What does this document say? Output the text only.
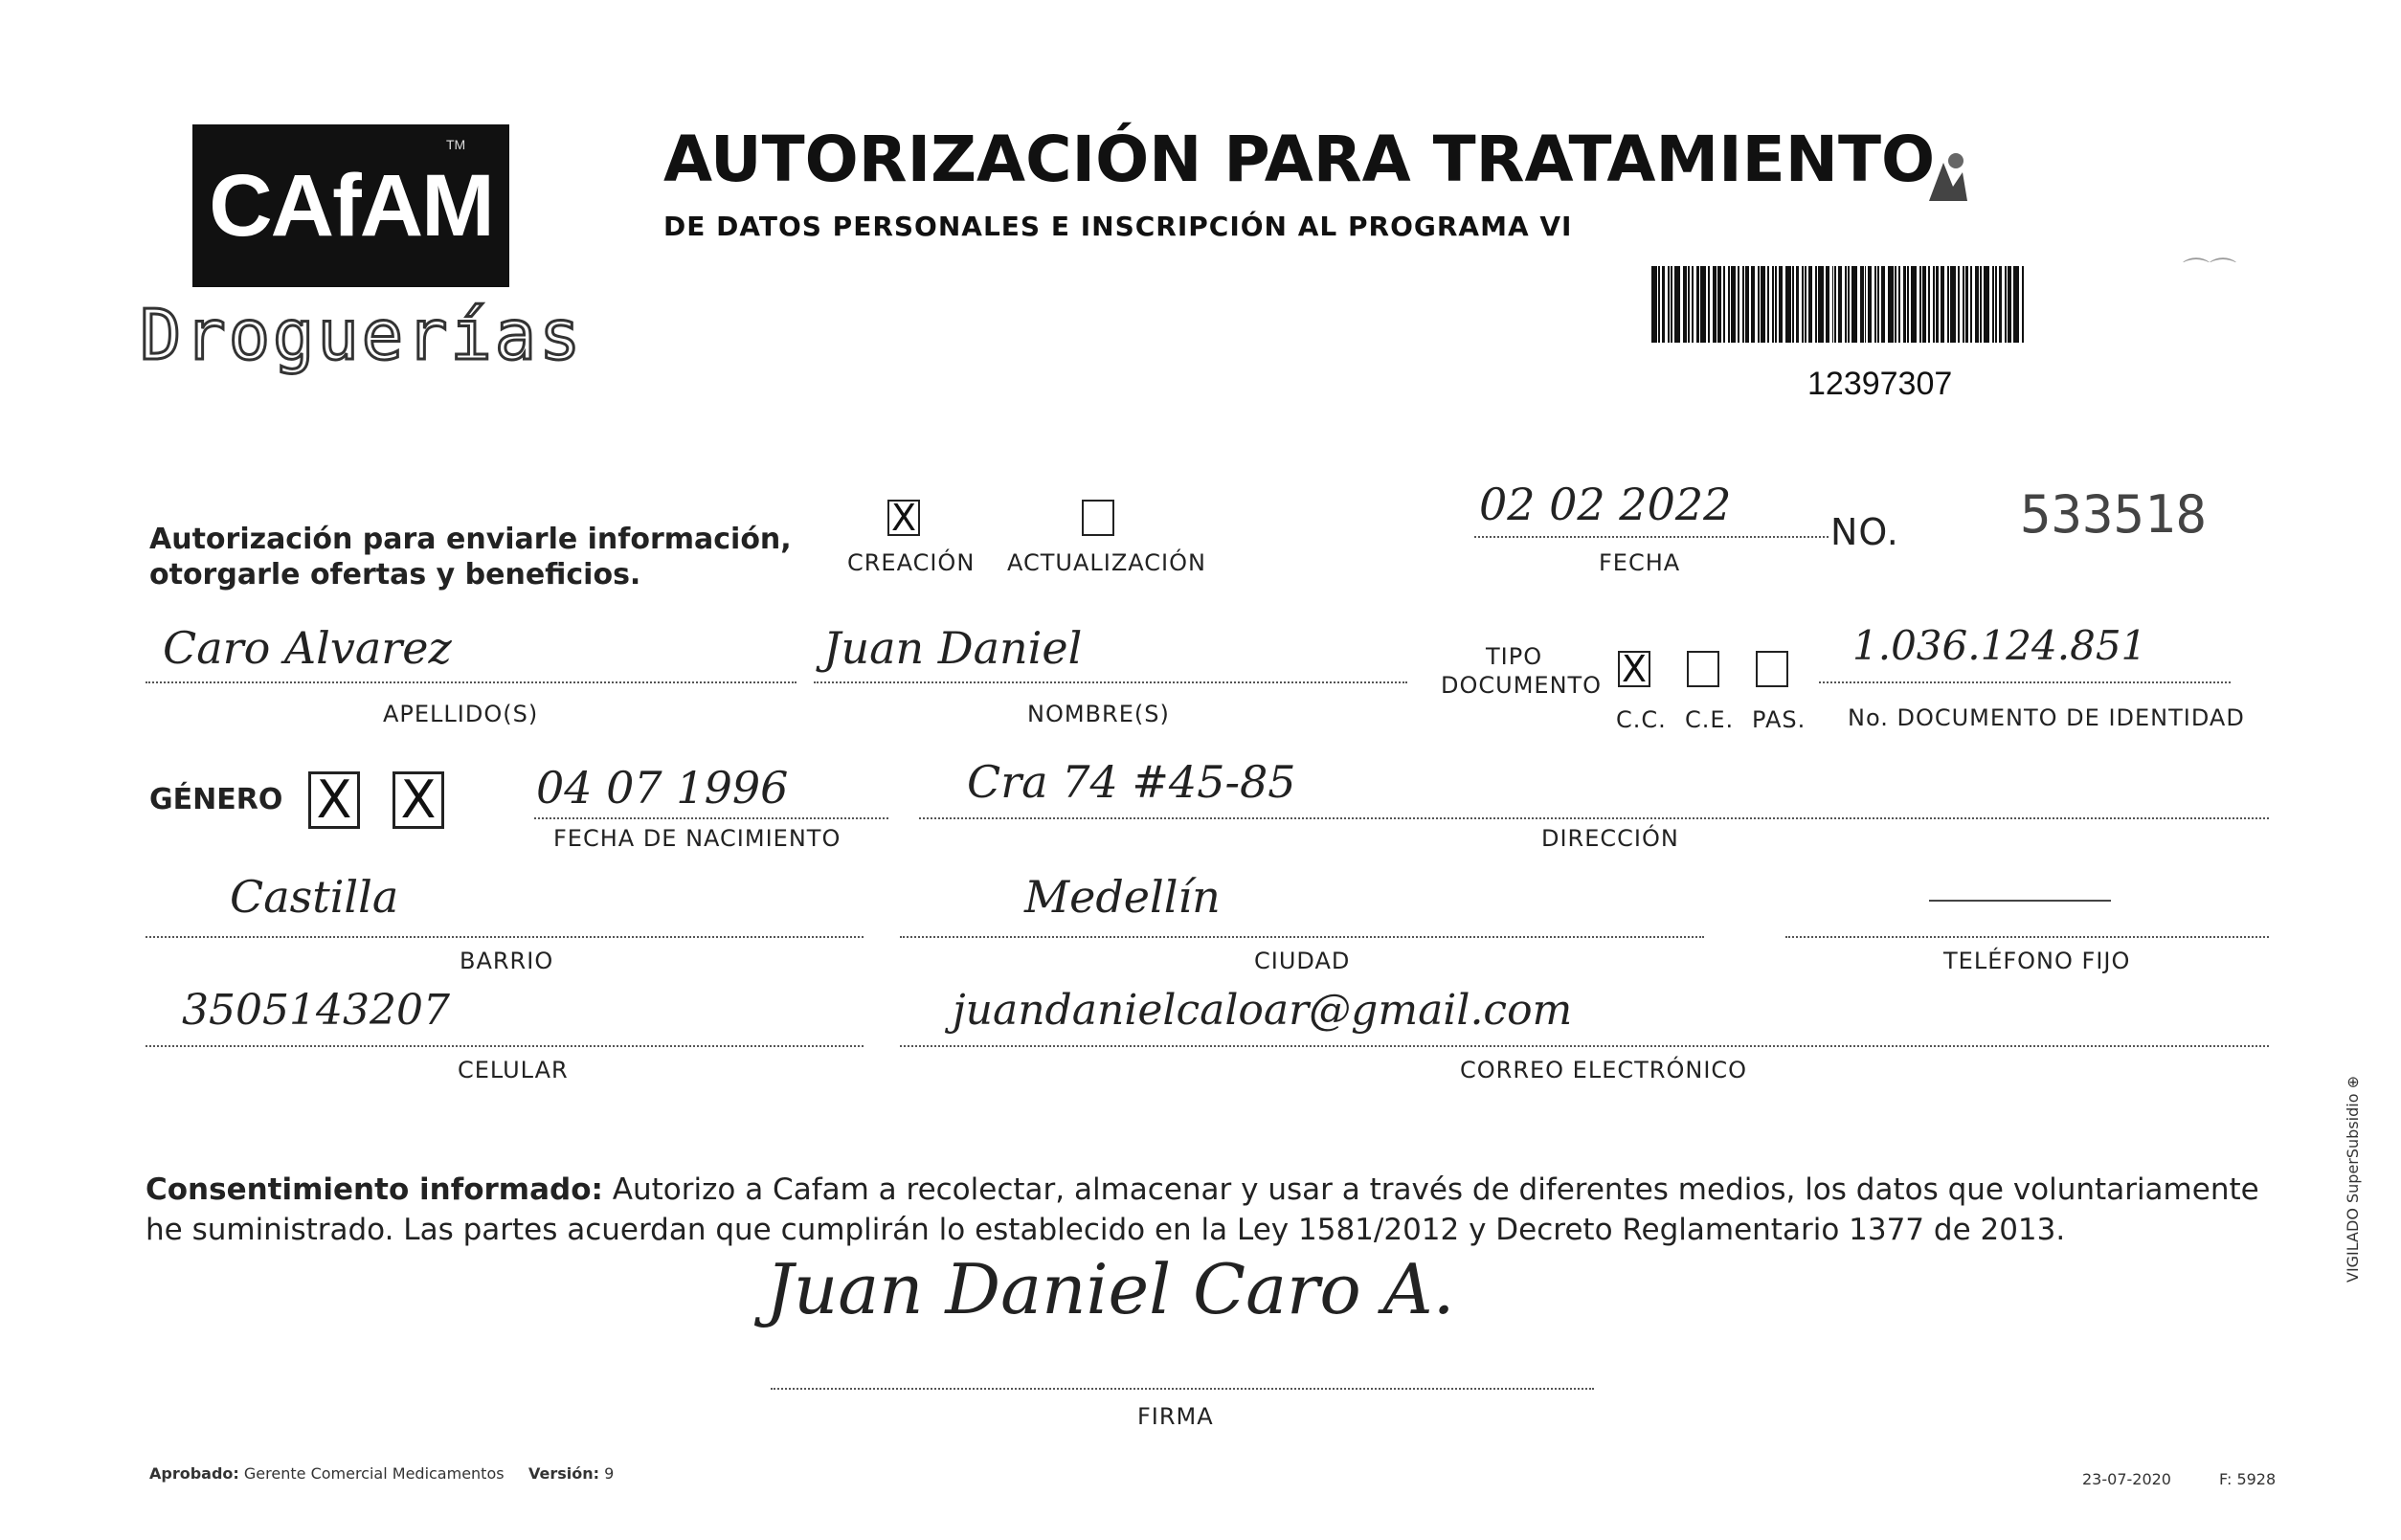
CAfAM
TM
Droguerías
AUTORIZACIÓN PARA TRATAMIENTO
DE DATOS PERSONALES E INSCRIPCIÓN AL PROGRAMA VI
⌒⌒
12397307
Autorización para enviarle información,
otorgarle ofertas y beneficios.
X
CREACIÓN ACTUALIZACIÓN
02 02 2022
FECHA
NO. 533518
Caro Alvarez
APELLIDO(S)
Juan Daniel
NOMBRE(S)
TIPO
DOCUMENTO X
C.C. C.E. PAS.
1.036.124.851
No. DOCUMENTO DE IDENTIDAD
GÉNERO X X 04 07 1996
FECHA DE NACIMIENTO
Cra 74 #45-85
DIRECCIÓN
Castilla
BARRIO
Medellín
CIUDAD	TELÉFONO FIJO
3505143207
CELULAR
juandanielcaloar@gmail.com
CORREO ELECTRÓNICO
Consentimiento informado: Autorizo a Cafam a recolectar, almacenar y usar a través de diferentes medios, los datos que voluntariamente he suministrado. Las partes acuerdan que cumplirán lo establecido en la Ley 1581/2012 y Decreto Reglamentario 1377 de 2013.
Juan Daniel Caro A.
FIRMA
Aprobado: Gerente Comercial Medicamentos Versión: 9	23-07-2020	F: 5928
VIGILADO SuperSubsidio ⊕
